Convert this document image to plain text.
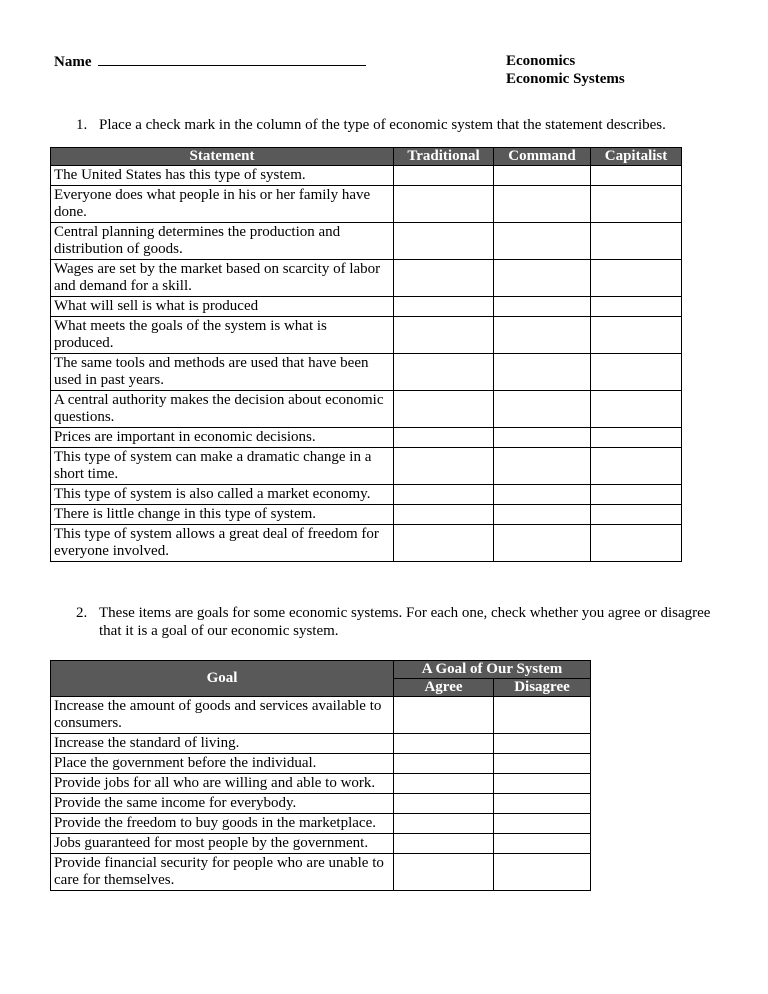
Name	Economics
Economic Systems
1. Place a check mark in the column of the type of economic system that the statement describes.
Statement	Traditional	Command	Capitalist
The United States has this type of system.			
Everyone does what people in his or her family have done.			
Central planning determines the production and distribution of goods.			
Wages are set by the market based on scarcity of labor and demand for a skill.			
What will sell is what is produced			
What meets the goals of the system is what is produced.			
The same tools and methods are used that have been used in past years.			
A central authority makes the decision about economic questions.			
Prices are important in economic decisions.			
This type of system can make a dramatic change in a short time.			
This type of system is also called a market economy.			
There is little change in this type of system.			
This type of system allows a great deal of freedom for everyone involved.			
2. These items are goals for some economic systems. For each one, check whether you agree or disagree that it is a goal of our economic system.
Goal	A Goal of Our System	
	Agree	Disagree
Increase the amount of goods and services available to consumers.		
Increase the standard of living.		
Place the government before the individual.		
Provide jobs for all who are willing and able to work.		
Provide the same income for everybody.		
Provide the freedom to buy goods in the marketplace.		
Jobs guaranteed for most people by the government.		
Provide financial security for people who are unable to care for themselves.		
